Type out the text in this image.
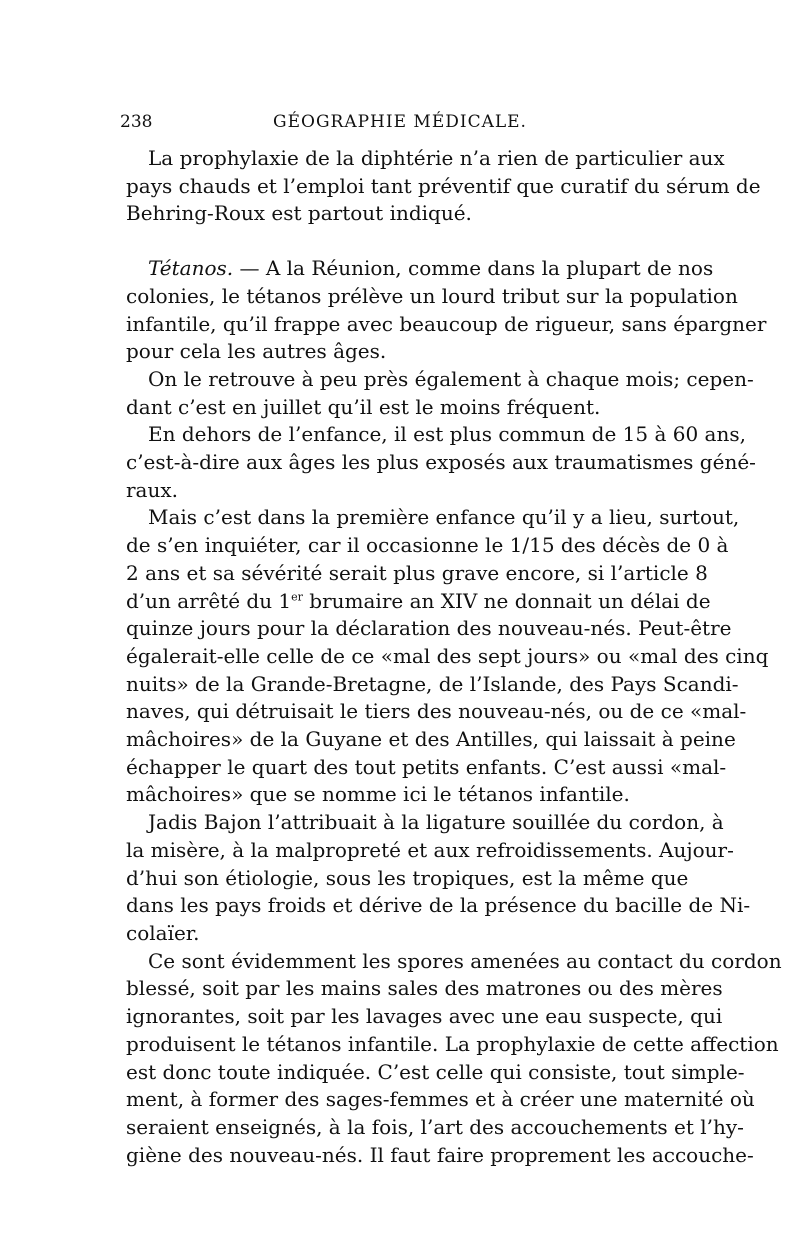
238	GÉOGRAPHIE MÉDICALE.

La prophylaxie de la diphtérie n’a rien de particulier aux
pays chauds et l’emploi tant préventif que curatif du sérum de
Behring-Roux est partout indiqué.

Tétanos. — A la Réunion, comme dans la plupart de nos
colonies, le tétanos prélève un lourd tribut sur la population
infantile, qu’il frappe avec beaucoup de rigueur, sans épargner
pour cela les autres âges.

On le retrouve à peu près également à chaque mois; cepen-
dant c’est en juillet qu’il est le moins fréquent.

En dehors de l’enfance, il est plus commun de 15 à 60 ans,
c’est-à-dire aux âges les plus exposés aux traumatismes géné-
raux.

Mais c’est dans la première enfance qu’il y a lieu, surtout,
de s’en inquiéter, car il occasionne le 1/15 des décès de 0 à
2 ans et sa sévérité serait plus grave encore, si l’article 8
d’un arrêté du 1er brumaire an XIV ne donnait un délai de
quinze jours pour la déclaration des nouveau-nés. Peut-être
égalerait-elle celle de ce «mal des sept jours» ou «mal des cinq
nuits» de la Grande-Bretagne, de l’Islande, des Pays Scandi-
naves, qui détruisait le tiers des nouveau-nés, ou de ce «mal-
mâchoires» de la Guyane et des Antilles, qui laissait à peine
échapper le quart des tout petits enfants. C’est aussi «mal-
mâchoires» que se nomme ici le tétanos infantile.

Jadis Bajon l’attribuait à la ligature souillée du cordon, à
la misère, à la malpropreté et aux refroidissements. Aujour-
d’hui son étiologie, sous les tropiques, est la même que
dans les pays froids et dérive de la présence du bacille de Ni-
colaïer.

Ce sont évidemment les spores amenées au contact du cordon
blessé, soit par les mains sales des matrones ou des mères
ignorantes, soit par les lavages avec une eau suspecte, qui
produisent le tétanos infantile. La prophylaxie de cette affection
est donc toute indiquée. C’est celle qui consiste, tout simple-
ment, à former des sages-femmes et à créer une maternité où
seraient enseignés, à la fois, l’art des accouchements et l’hy-
giène des nouveau-nés. Il faut faire proprement les accouche-
